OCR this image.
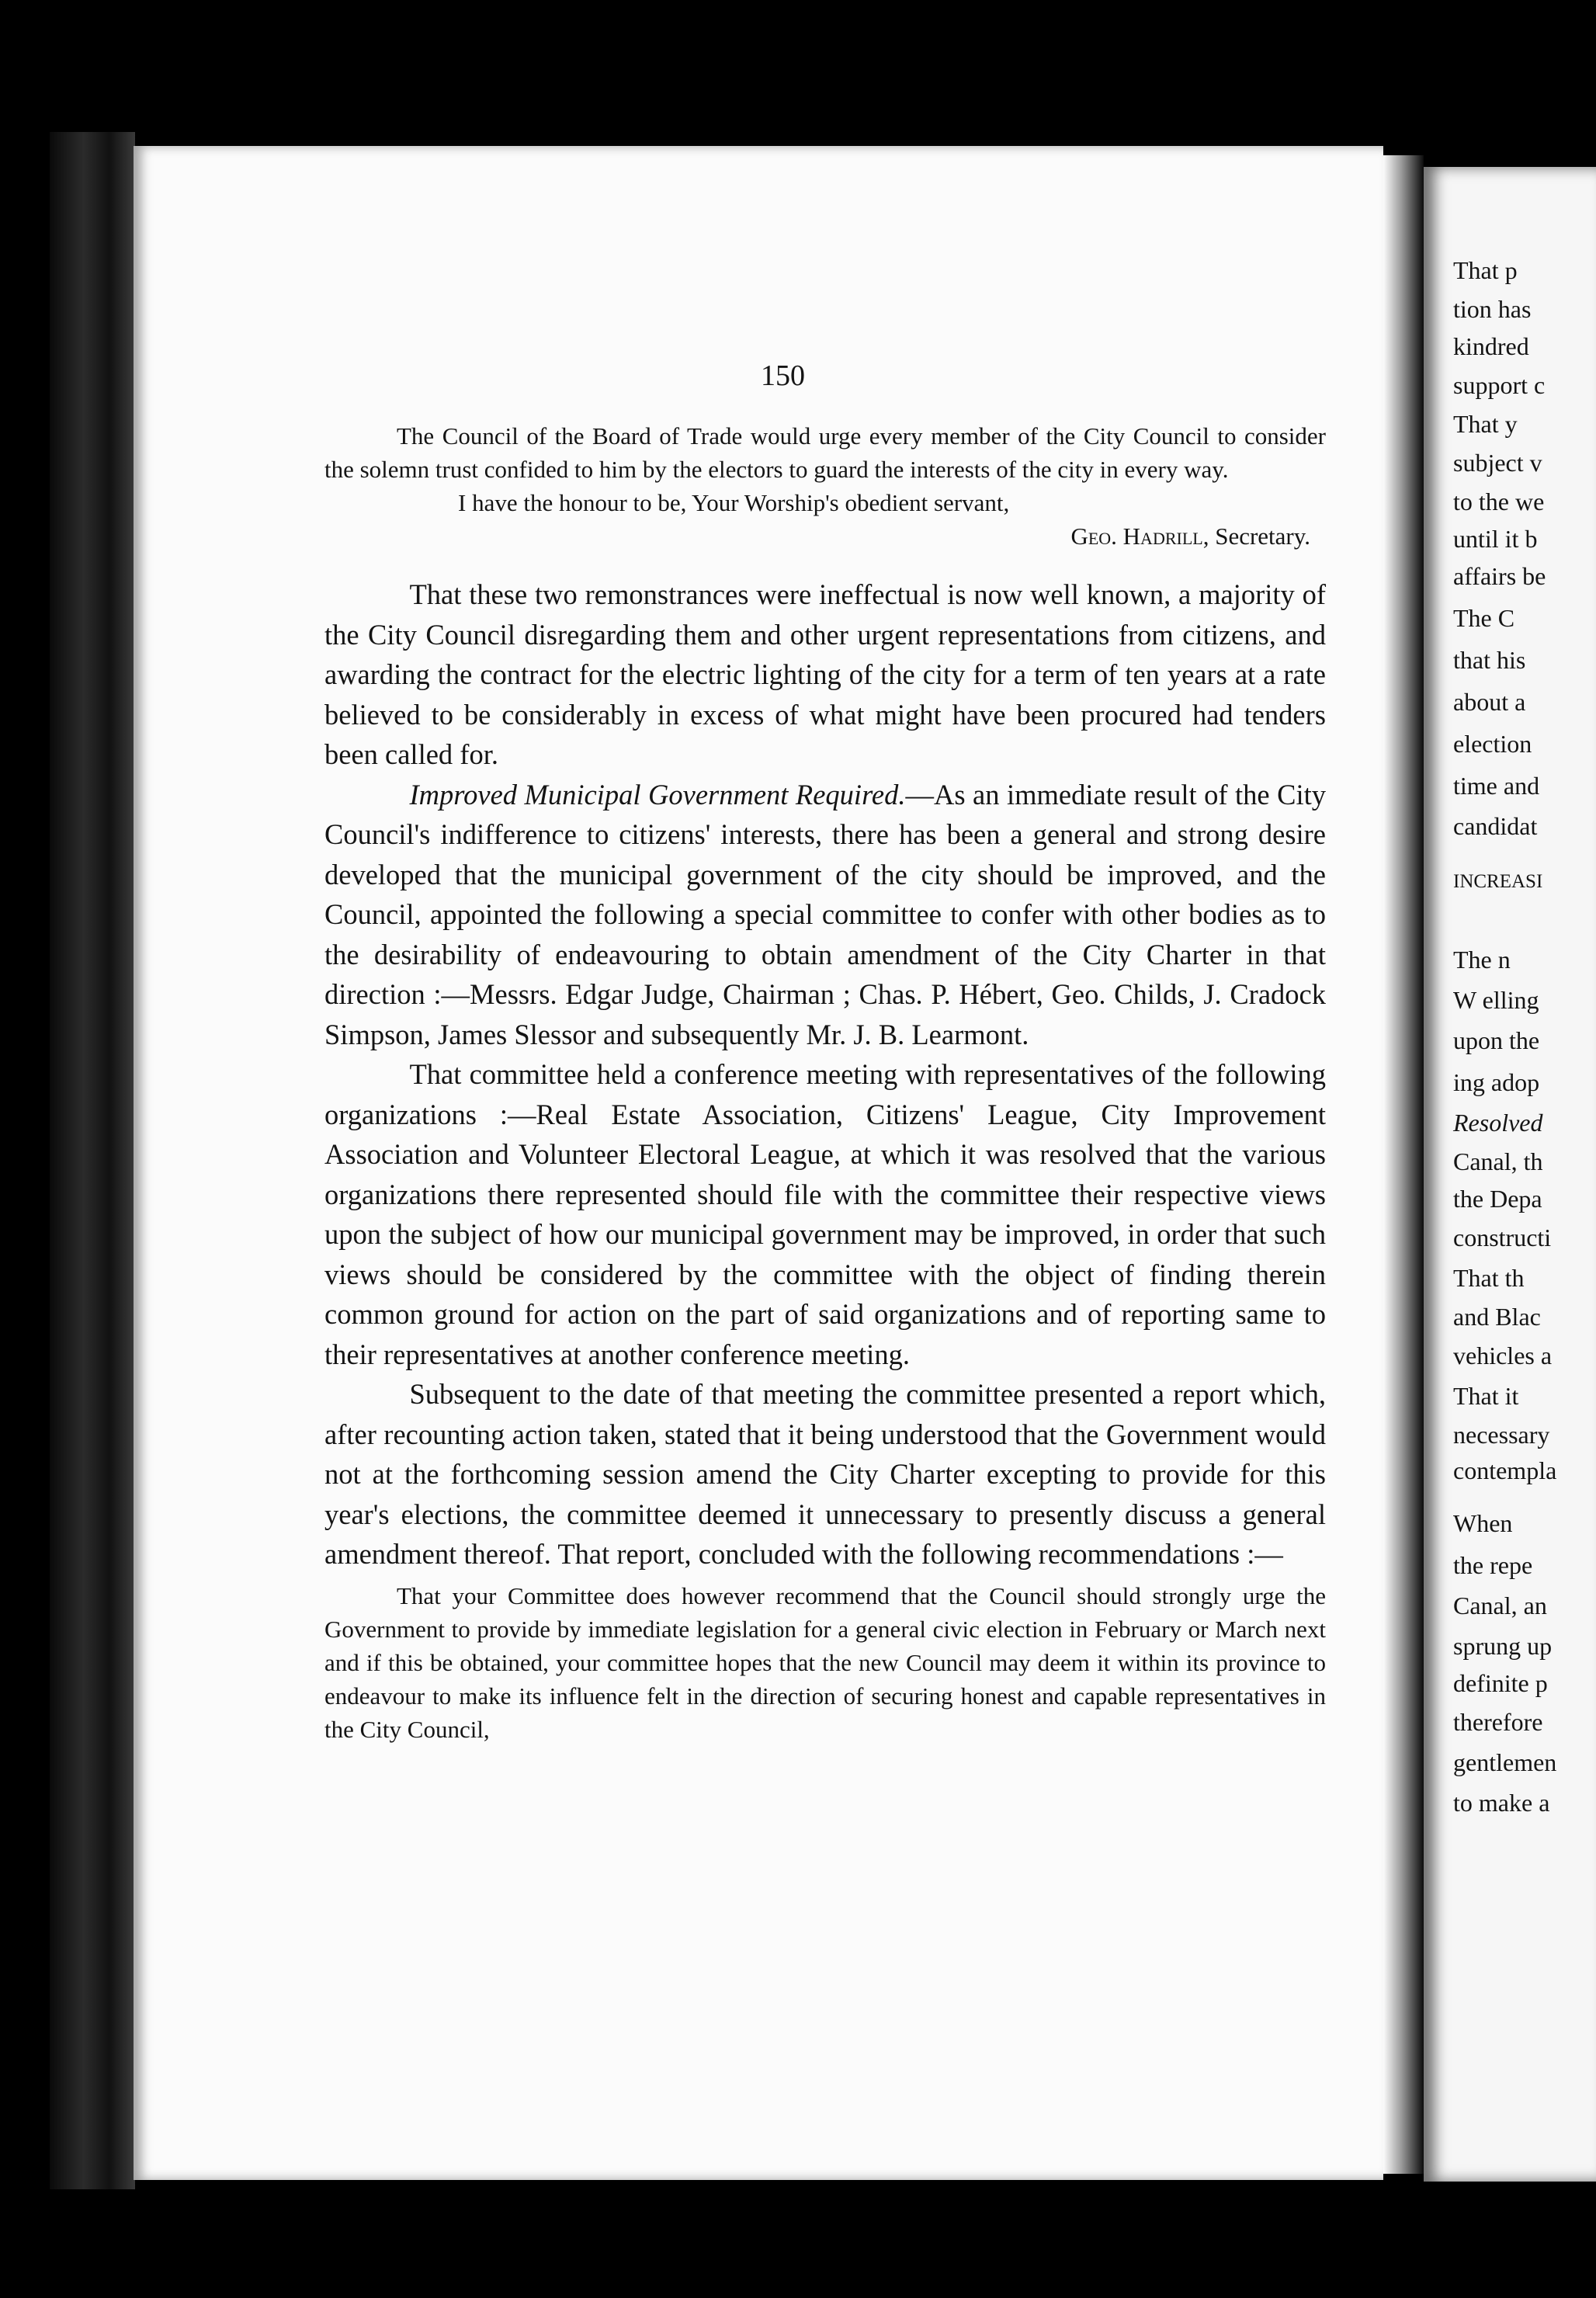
150

The Council of the Board of Trade would urge every member of the City Council to consider the solemn trust confided to him by the electors to guard the interests of the city in every way.

I have the honour to be, Your Worship's obedient servant,

Geo. Hadrill, Secretary.

That these two remonstrances were ineffectual is now well known, a majority of the City Council disregarding them and other urgent representations from citizens, and awarding the contract for the electric lighting of the city for a term of ten years at a rate believed to be considerably in excess of what might have been procured had tenders been called for.

Improved Municipal Government Required.—As an immediate result of the City Council's indifference to citizens' interests, there has been a general and strong desire developed that the municipal government of the city should be improved, and the Council, appointed the following a special committee to confer with other bodies as to the desirability of endeavouring to obtain amendment of the City Charter in that direction :—Messrs. Edgar Judge, Chairman ; Chas. P. Hébert, Geo. Childs, J. Cradock Simpson, James Slessor and subsequently Mr. J. B. Learmont.

That committee held a conference meeting with representatives of the following organizations :—Real Estate Association, Citizens' League, City Improvement Association and Volunteer Electoral League, at which it was resolved that the various organizations there represented should file with the committee their respective views upon the subject of how our municipal government may be improved, in order that such views should be considered by the committee with the object of finding therein common ground for action on the part of said organizations and of reporting same to their representatives at another conference meeting.

Subsequent to the date of that meeting the committee presented a report which, after recounting action taken, stated that it being understood that the Government would not at the forthcoming session amend the City Charter excepting to provide for this year's elections, the committee deemed it unnecessary to presently discuss a general amendment thereof. That report, concluded with the following recommendations :—

That your Committee does however recommend that the Council should strongly urge the Government to provide by immediate legislation for a general civic election in February or March next and if this be obtained, your committee hopes that the new Council may deem it within its province to endeavour to make its influence felt in the direction of securing honest and capable representatives in the City Council,

That p
tion has
kindred
support c
That y
subject v
to the we
until it b
affairs be
The C
that his
about a
election
time and
candidat
INCREASI
The n
W elling
upon the
ing adop
Resolved
Canal, th
the Depa
constructi
That th
and Blac
vehicles a
That it
necessary
contempla
When
the repe
Canal, an
sprung up
definite p
therefore
gentlemen
to make a
